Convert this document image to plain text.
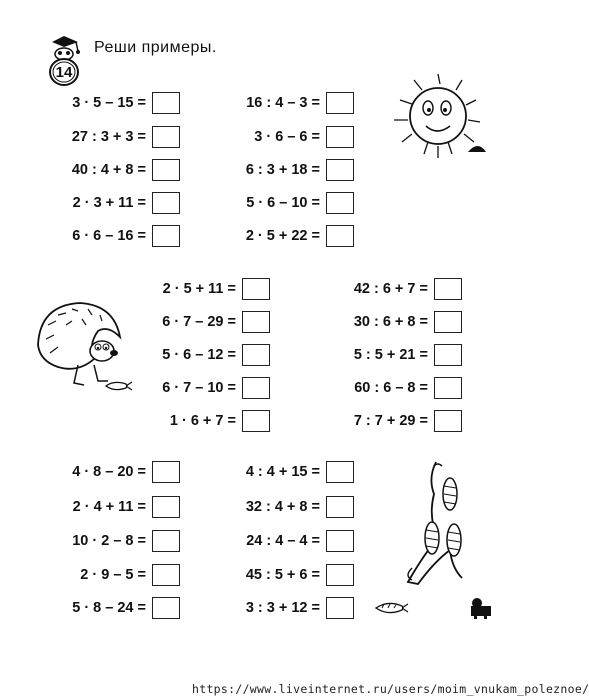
14
Реши примеры.
3 · 5 – 15 =
27 : 3 + 3 =
40 : 4 + 8 =
2 · 3 + 11 =
6 · 6 – 16 =
16 : 4 – 3 =
3 · 6 – 6 =
6 : 3 + 18 =
5 · 6 – 10 =
2 · 5 + 22 =
2 · 5 + 11 =
6 · 7 – 29 =
5 · 6 – 12 =
6 · 7 – 10 =
1 · 6 + 7 =
42 : 6 + 7 =
30 : 6 + 8 =
5 : 5 + 21 =
60 : 6 – 8 =
7 : 7 + 29 =
4 · 8 – 20 =
2 · 4 + 11 =
10 · 2 – 8 =
2 · 9 – 5 =
5 · 8 – 24 =
4 : 4 + 15 =
32 : 4 + 8 =
24 : 4 – 4 =
45 : 5 + 6 =
3 : 3 + 12 =
https://www.liveinternet.ru/users/moim_vnukam_poleznoe/
